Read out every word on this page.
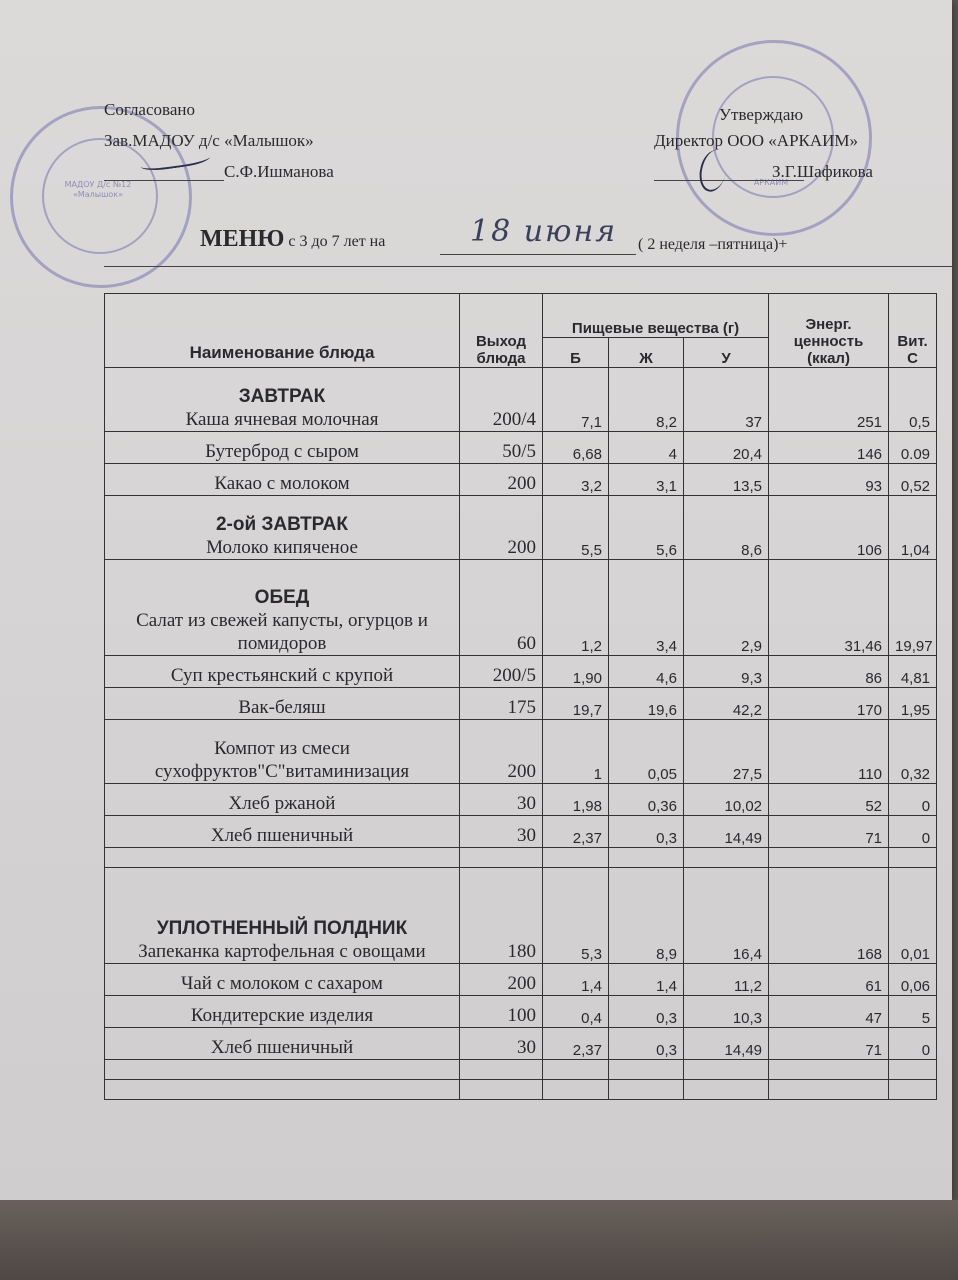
МАДОУ Д/с №12 «Малышок»
АРКАИМ
Согласовано
Зав.МАДОУ д/с «Малышок»
С.Ф.Ишманова
Утверждаю
Директор ООО «АРКАИМ»
З.Г.Шафикова
МЕНЮ с 3 до 7 лет на	18 июня ( 2 неделя –пятница)+
Наименование блюда	Выход блюда	Пищевые вещества (г)			Энерг. ценность (ккал)	Вит. С
		Б	Ж	У		

ЗАВТРАК
Каша ячневая молочная	200/4	7,1	8,2	37	251	0,5

Бутерброд с сыром	50/5	6,68	4	20,4	146	0.09

Какао с молоком	200	3,2	3,1	13,5	93	0,52

2-ой ЗАВТРАК
Молоко кипяченое	200	5,5	5,6	8,6	106	1,04

ОБЕД
Салат из свежей капусты, огурцов и помидоров	60	1,2	3,4	2,9	31,46	19,97

Суп крестьянский с крупой	200/5	1,90	4,6	9,3	86	4,81

Вак-беляш	175	19,7	19,6	42,2	170	1,95

Компот из смеси сухофруктов"С"витаминизация	200	1	0,05	27,5	110	0,32

Хлеб ржаной	30	1,98	0,36	10,02	52	0

Хлеб пшеничный	30	2,37	0,3	14,49	71	0

УПЛОТНЕННЫЙ ПОЛДНИК
Запеканка картофельная с овощами	180	5,3	8,9	16,4	168	0,01

Чай с молоком с сахаром	200	1,4	1,4	11,2	61	0,06

Кондитерские изделия	100	0,4	0,3	10,3	47	5

Хлеб пшеничный	30	2,37	0,3	14,49	71	0
